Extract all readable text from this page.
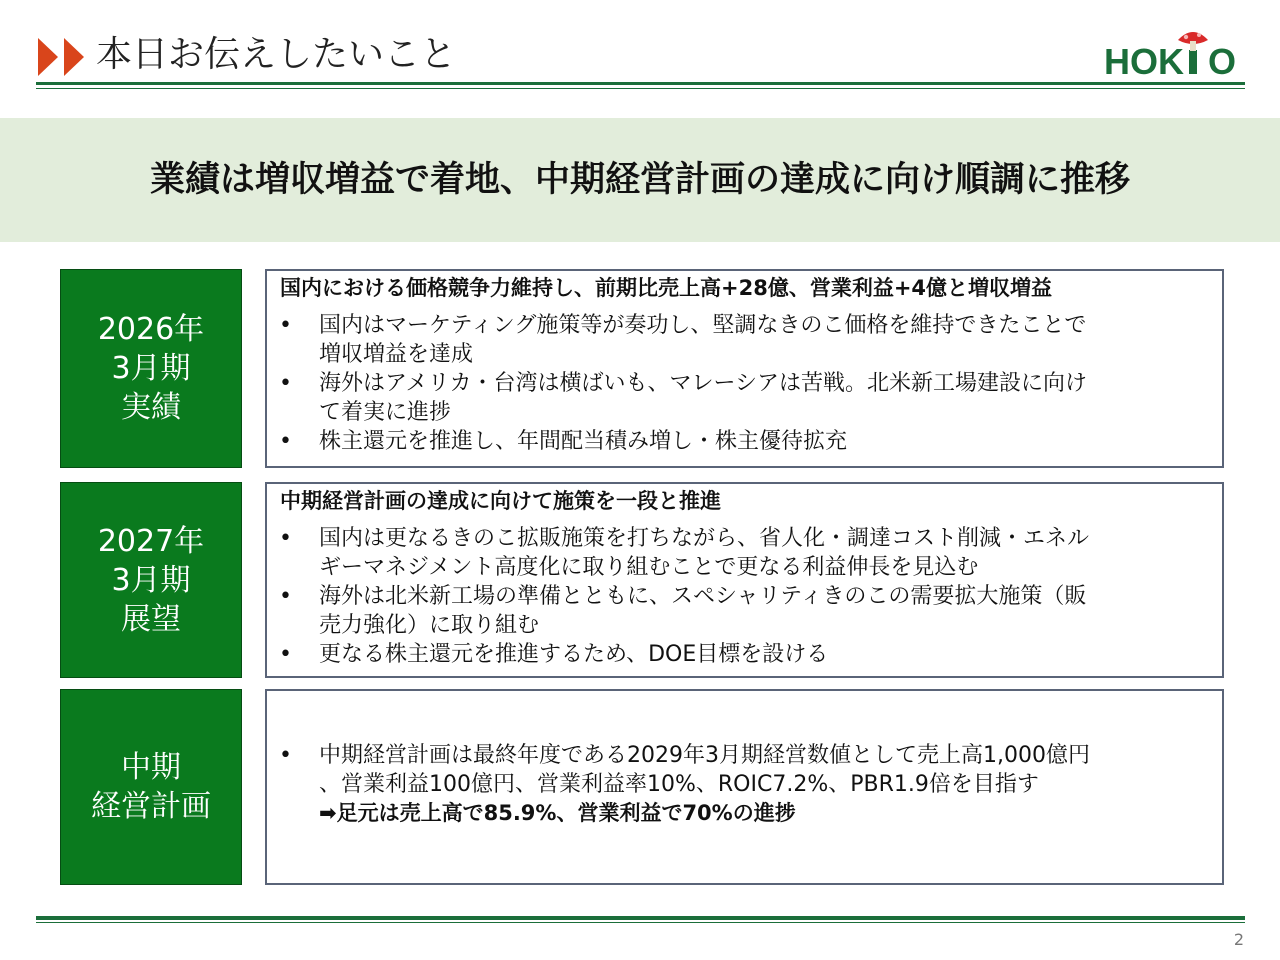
本日お伝えしたいこと	HOK O
業績は増収増益で着地、中期経営計画の達成に向け順調に推移
2026年
3月期
実績
国内における価格競争力維持し、前期比売上高+28億、営業利益+4億と増収増益
• 国内はマーケティング施策等が奏功し、堅調なきのこ価格を維持できたことで
増収増益を達成
• 海外はアメリカ・台湾は横ばいも、マレーシアは苦戦。北米新工場建設に向け
て着実に進捗
• 株主還元を推進し、年間配当積み増し・株主優待拡充
2027年
3月期
展望
中期経営計画の達成に向けて施策を一段と推進
• 国内は更なるきのこ拡販施策を打ちながら、省人化・調達コスト削減・エネル
ギーマネジメント高度化に取り組むことで更なる利益伸長を見込む
• 海外は北米新工場の準備とともに、スペシャリティきのこの需要拡大施策（販
売力強化）に取り組む
• 更なる株主還元を推進するため、DOE目標を設ける
中期
経営計画
• 中期経営計画は最終年度である2029年3月期経営数値として売上高1,000億円
、営業利益100億円、営業利益率10%、ROIC7.2%、PBR1.9倍を目指す
➡足元は売上高で85.9%、営業利益で70%の進捗
2
